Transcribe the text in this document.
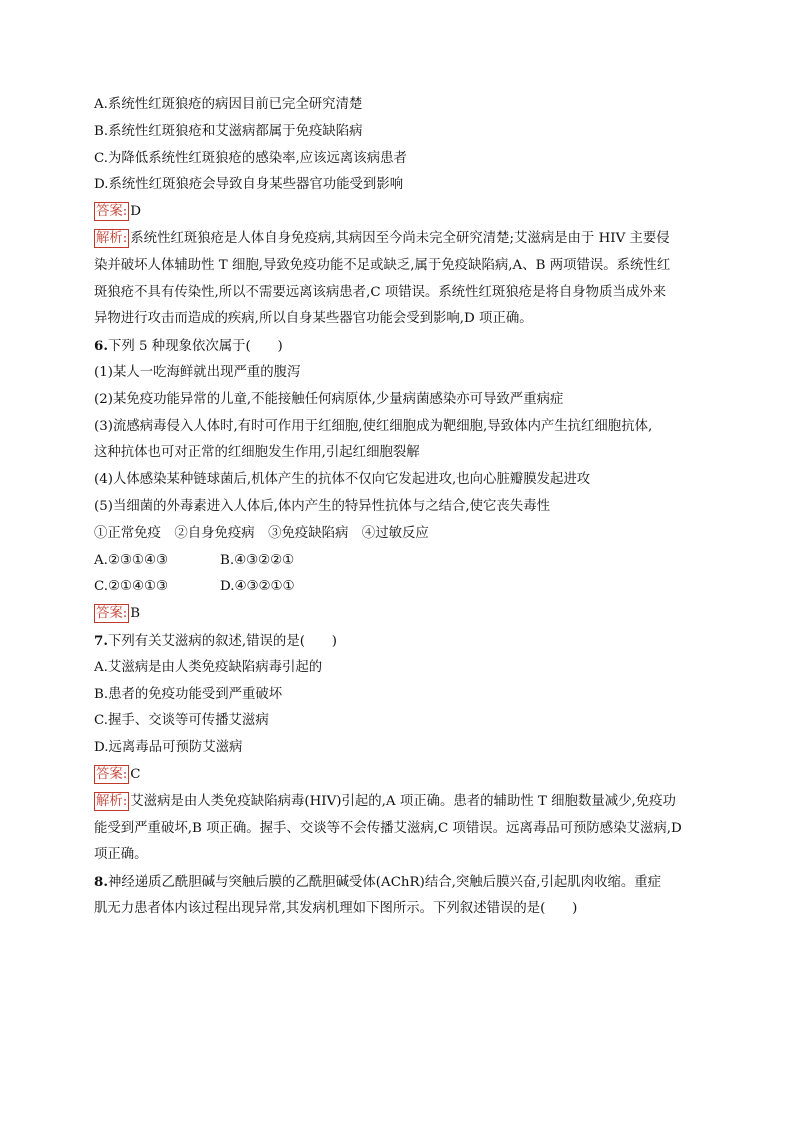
A.系统性红斑狼疮的病因目前已完全研究清楚
B.系统性红斑狼疮和艾滋病都属于免疫缺陷病
C.为降低系统性红斑狼疮的感染率,应该远离该病患者
D.系统性红斑狼疮会导致自身某些器官功能受到影响
答案: D
解析: 系统性红斑狼疮是人体自身免疫病,其病因至今尚未完全研究清楚;艾滋病是由于 HIV 主要侵
染并破坏人体辅助性 T 细胞,导致免疫功能不足或缺乏,属于免疫缺陷病,A、B 两项错误。系统性红
斑狼疮不具有传染性,所以不需要远离该病患者,C 项错误。系统性红斑狼疮是将自身物质当成外来
异物进行攻击而造成的疾病,所以自身某些器官功能会受到影响,D 项正确。
6.下列 5 种现象依次属于(　　)
(1)某人一吃海鲜就出现严重的腹泻
(2)某免疫功能异常的儿童,不能接触任何病原体,少量病菌感染亦可导致严重病症
(3)流感病毒侵入人体时,有时可作用于红细胞,使红细胞成为靶细胞,导致体内产生抗红细胞抗体,
这种抗体也可对正常的红细胞发生作用,引起红细胞裂解
(4)人体感染某种链球菌后,机体产生的抗体不仅向它发起进攻,也向心脏瓣膜发起进攻
(5)当细菌的外毒素进入人体后,体内产生的特异性抗体与之结合,使它丧失毒性
①正常免疫　②自身免疫病　③免疫缺陷病　④过敏反应
A.②③①④③	B.④③②②①
C.②①④①③	D.④③②①①
答案: B
7.下列有关艾滋病的叙述,错误的是(　　)
A.艾滋病是由人类免疫缺陷病毒引起的
B.患者的免疫功能受到严重破坏
C.握手、交谈等可传播艾滋病
D.远离毒品可预防艾滋病
答案: C
解析: 艾滋病是由人类免疫缺陷病毒(HIV)引起的,A 项正确。患者的辅助性 T 细胞数量减少,免疫功
能受到严重破坏,B 项正确。握手、交谈等不会传播艾滋病,C 项错误。远离毒品可预防感染艾滋病,D
项正确。
8.神经递质乙酰胆碱与突触后膜的乙酰胆碱受体(AChR)结合,突触后膜兴奋,引起肌肉收缩。重症
肌无力患者体内该过程出现异常,其发病机理如下图所示。下列叙述错误的是(　　)
